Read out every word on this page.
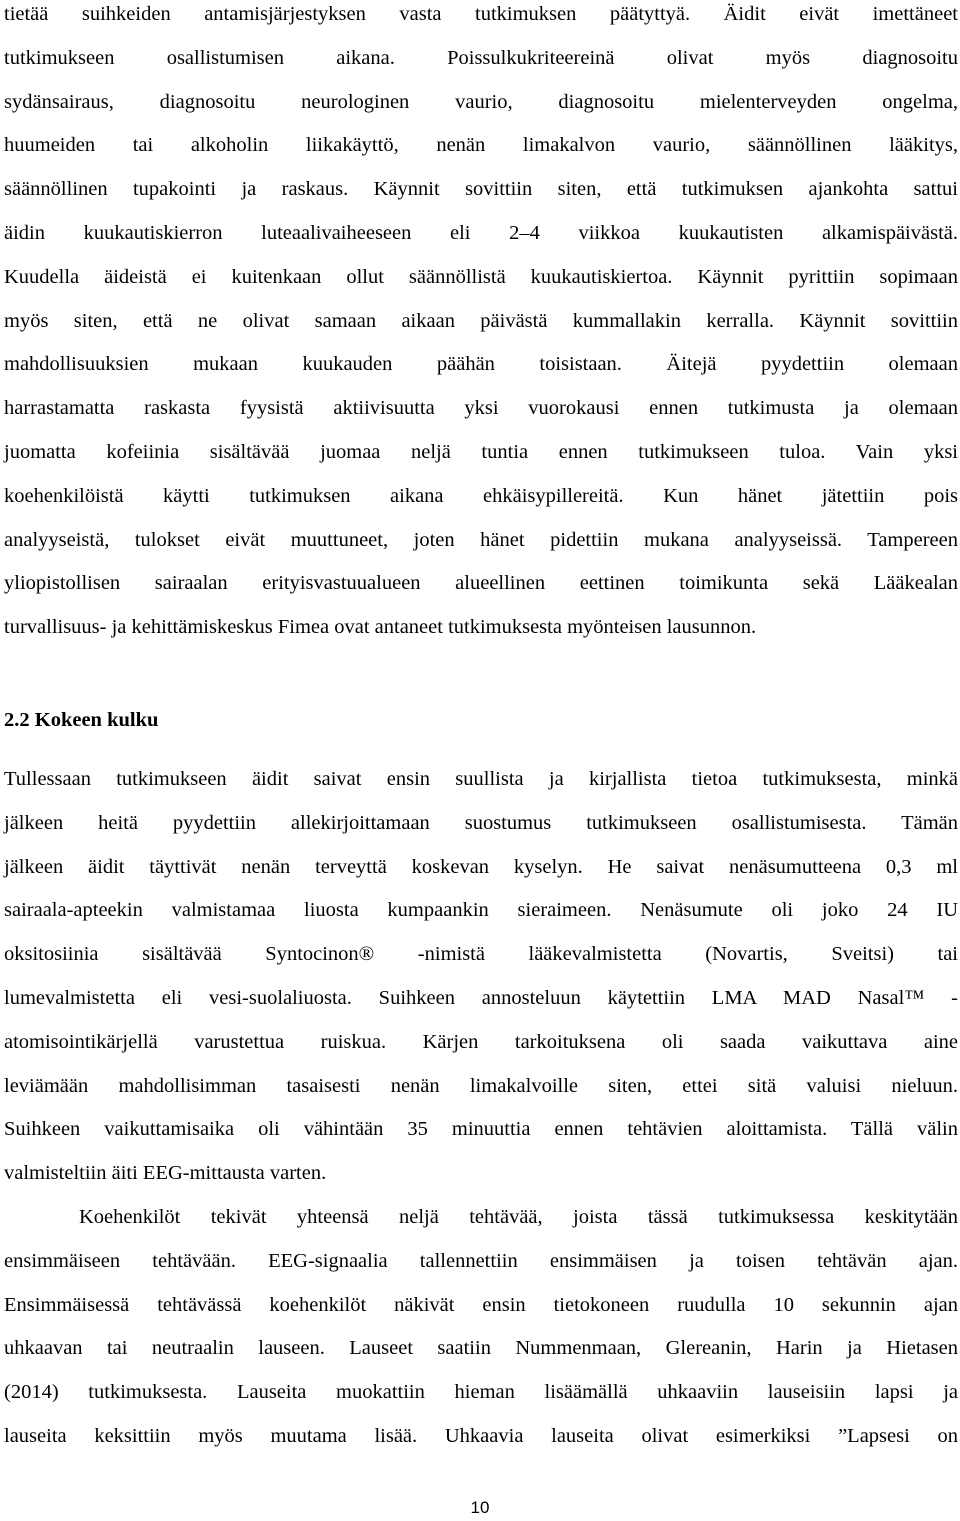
tietää suihkeiden antamisjärjestyksen vasta tutkimuksen päätyttyä. Äidit eivät imettäneet
tutkimukseen osallistumisen aikana. Poissulkukriteereinä olivat myös diagnosoitu
sydänsairaus, diagnosoitu neurologinen vaurio, diagnosoitu mielenterveyden ongelma,
huumeiden tai alkoholin liikakäyttö, nenän limakalvon vaurio, säännöllinen lääkitys,
säännöllinen tupakointi ja raskaus. Käynnit sovittiin siten, että tutkimuksen ajankohta sattui
äidin kuukautiskierron luteaalivaiheeseen eli 2–4 viikkoa kuukautisten alkamispäivästä.
Kuudella äideistä ei kuitenkaan ollut säännöllistä kuukautiskiertoa. Käynnit pyrittiin sopimaan
myös siten, että ne olivat samaan aikaan päivästä kummallakin kerralla. Käynnit sovittiin
mahdollisuuksien mukaan kuukauden päähän toisistaan. Äitejä pyydettiin olemaan
harrastamatta raskasta fyysistä aktiivisuutta yksi vuorokausi ennen tutkimusta ja olemaan
juomatta kofeiinia sisältävää juomaa neljä tuntia ennen tutkimukseen tuloa. Vain yksi
koehenkilöistä käytti tutkimuksen aikana ehkäisypillereitä. Kun hänet jätettiin pois
analyyseistä, tulokset eivät muuttuneet, joten hänet pidettiin mukana analyyseissä. Tampereen
yliopistollisen sairaalan erityisvastuualueen alueellinen eettinen toimikunta sekä Lääkealan
turvallisuus- ja kehittämiskeskus Fimea ovat antaneet tutkimuksesta myönteisen lausunnon.
2.2 Kokeen kulku
Tullessaan tutkimukseen äidit saivat ensin suullista ja kirjallista tietoa tutkimuksesta, minkä
jälkeen heitä pyydettiin allekirjoittamaan suostumus tutkimukseen osallistumisesta. Tämän
jälkeen äidit täyttivät nenän terveyttä koskevan kyselyn. He saivat nenäsumutteena 0,3 ml
sairaala-apteekin valmistamaa liuosta kumpaankin sieraimeen. Nenäsumute oli joko 24 IU
oksitosiinia sisältävää Syntocinon® -nimistä lääkevalmistetta (Novartis, Sveitsi) tai
lumevalmistetta eli vesi-suolaliuosta. Suihkeen annosteluun käytettiin LMA MAD Nasal™ -
atomisointikärjellä varustettua ruiskua. Kärjen tarkoituksena oli saada vaikuttava aine
leviämään mahdollisimman tasaisesti nenän limakalvoille siten, ettei sitä valuisi nieluun.
Suihkeen vaikuttamisaika oli vähintään 35 minuuttia ennen tehtävien aloittamista. Tällä välin
valmisteltiin äiti EEG-mittausta varten.
Koehenkilöt tekivät yhteensä neljä tehtävää, joista tässä tutkimuksessa keskitytään
ensimmäiseen tehtävään. EEG-signaalia tallennettiin ensimmäisen ja toisen tehtävän ajan.
Ensimmäisessä tehtävässä koehenkilöt näkivät ensin tietokoneen ruudulla 10 sekunnin ajan
uhkaavan tai neutraalin lauseen. Lauseet saatiin Nummenmaan, Glereanin, Harin ja Hietasen
(2014) tutkimuksesta. Lauseita muokattiin hieman lisäämällä uhkaaviin lauseisiin lapsi ja
lauseita keksittiin myös muutama lisää. Uhkaavia lauseita olivat esimerkiksi ”Lapsesi on
10
